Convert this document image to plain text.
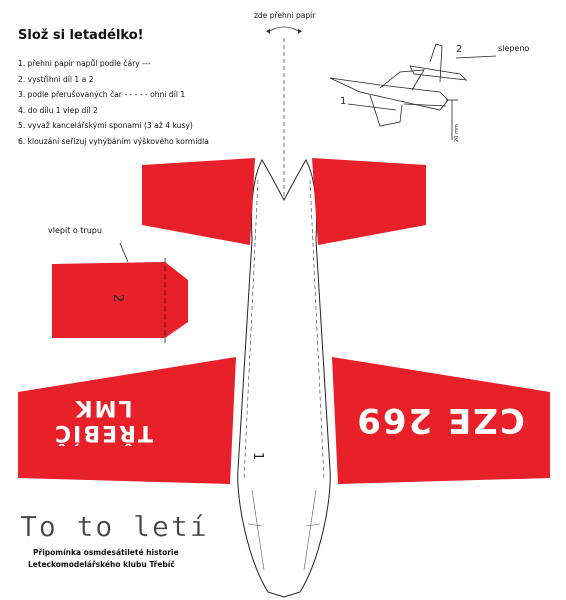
2
1
1
2
20 mm
zde přehni papír
Slož si letadélko!
1. přehni papír napůl podle čáry ---
2. vystřihni díl 1 a 2
3. podle přerušovaných čar - - - - - ohni díl 1
4. do dílu 1 vlep díl 2
5. vyvaž kancelářskými sponami (3 až 4 kusy)
6. klouzání seřizuj vyhýbáním výškového kormidla
slepeno
vlepit o trupu
CZE 269
LMK
TŘEBÍČ
To to letí
Připomínka osmdesátileté historie
Leteckomodelářského klubu Třebíč
